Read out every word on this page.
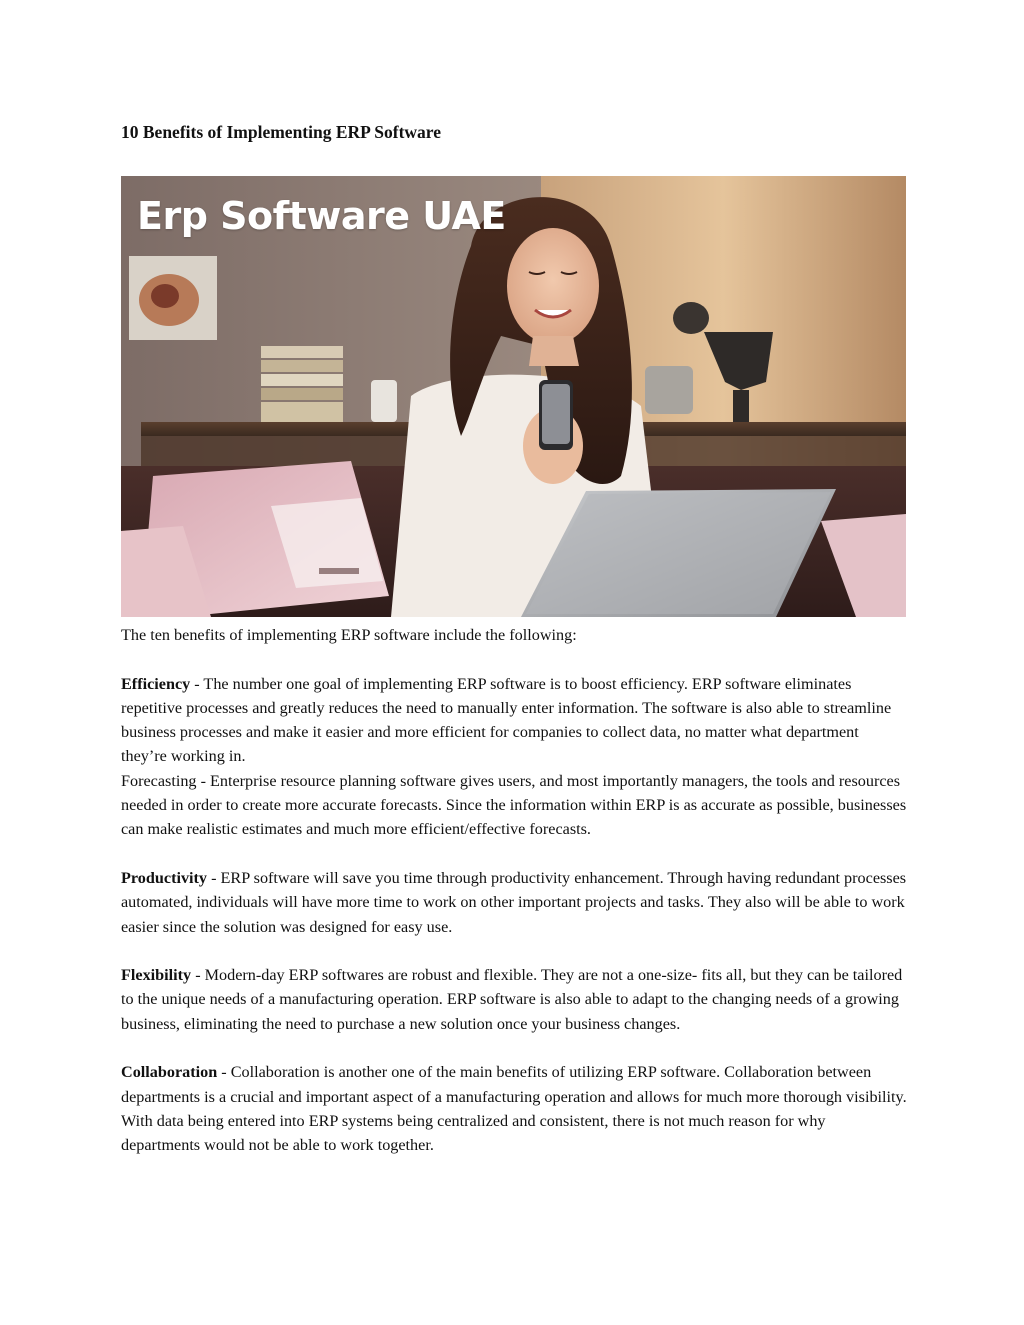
10 Benefits of Implementing ERP Software
Erp Software UAE

The ten benefits of implementing ERP software include the following:

Efficiency - The number one goal of implementing ERP software is to boost efficiency. ERP software eliminates repetitive processes and greatly reduces the need to manually enter information. The software is also able to streamline business processes and make it easier and more efficient for companies to collect data, no matter what department they’re working in.

Forecasting - Enterprise resource planning software gives users, and most importantly managers, the tools and resources needed in order to create more accurate forecasts. Since the information within ERP is as accurate as possible, businesses can make realistic estimates and much more efficient/effective forecasts.

Productivity - ERP software will save you time through productivity enhancement. Through having redundant processes automated, individuals will have more time to work on other important projects and tasks. They also will be able to work easier since the solution was designed for easy use.

Flexibility - Modern-day ERP softwares are robust and flexible. They are not a one-size- fits all, but they can be tailored to the unique needs of a manufacturing operation. ERP software is also able to adapt to the changing needs of a growing business, eliminating the need to purchase a new solution once your business changes.

Collaboration - Collaboration is another one of the main benefits of utilizing ERP software. Collaboration between departments is a crucial and important aspect of a manufacturing operation and allows for much more thorough visibility. With data being entered into ERP systems being centralized and consistent, there is not much reason for why departments would not be able to work together.
